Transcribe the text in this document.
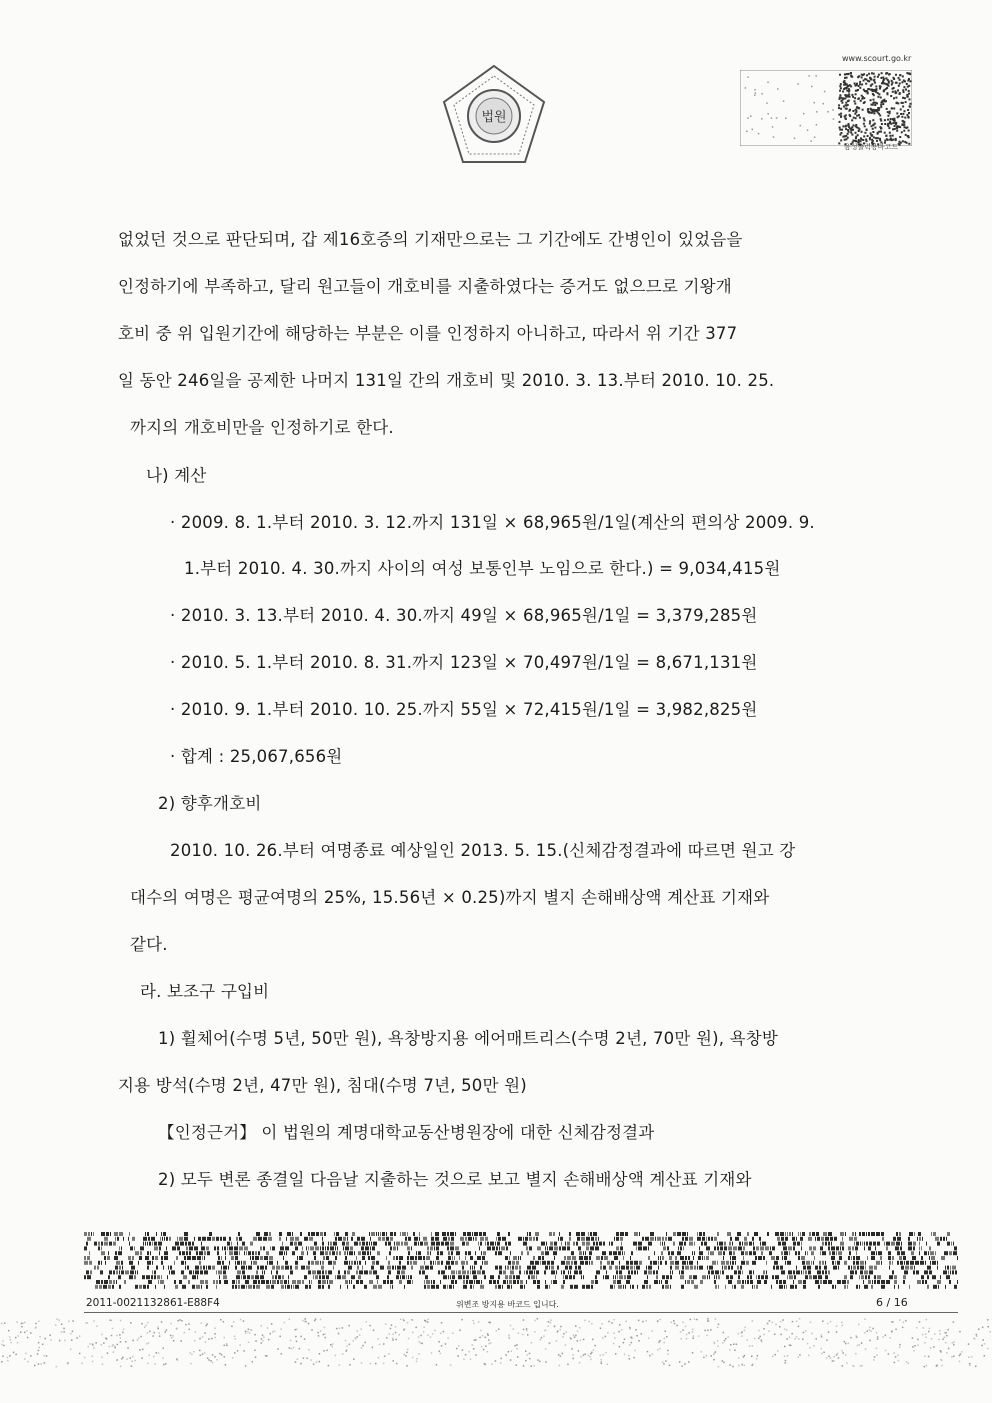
법원
www.scourt.go.kr
음성출력용바코드
없었던 것으로 판단되며, 갑 제16호증의 기재만으로는 그 기간에도 간병인이 있었음을
인정하기에 부족하고, 달리 원고들이 개호비를 지출하였다는 증거도 없으므로 기왕개
호비 중 위 입원기간에 해당하는 부분은 이를 인정하지 아니하고, 따라서 위 기간 377
일 동안 246일을 공제한 나머지 131일 간의 개호비 및 2010. 3. 13.부터 2010. 10. 25.
까지의 개호비만을 인정하기로 한다.
나) 계산
· 2009. 8. 1.부터 2010. 3. 12.까지 131일 × 68,965원/1일(계산의 편의상 2009. 9.
1.부터 2010. 4. 30.까지 사이의 여성 보통인부 노임으로 한다.) = 9,034,415원
· 2010. 3. 13.부터 2010. 4. 30.까지 49일 × 68,965원/1일 = 3,379,285원
· 2010. 5. 1.부터 2010. 8. 31.까지 123일 × 70,497원/1일 = 8,671,131원
· 2010. 9. 1.부터 2010. 10. 25.까지 55일 × 72,415원/1일 = 3,982,825원
· 합계 : 25,067,656원
2) 향후개호비
2010. 10. 26.부터 여명종료 예상일인 2013. 5. 15.(신체감정결과에 따르면 원고 강
대수의 여명은 평균여명의 25%, 15.56년 × 0.25)까지 별지 손해배상액 계산표 기재와
같다.
라. 보조구 구입비
1) 휠체어(수명 5년, 50만 원), 욕창방지용 에어매트리스(수명 2년, 70만 원), 욕창방
지용 방석(수명 2년, 47만 원), 침대(수명 7년, 50만 원)
【인정근거】 이 법원의 계명대학교동산병원장에 대한 신체감정결과
2) 모두 변론 종결일 다음날 지출하는 것으로 보고 별지 손해배상액 계산표 기재와
2011-0021132861-E88F4	위변조 방지용 바코드 입니다.	6 / 16
